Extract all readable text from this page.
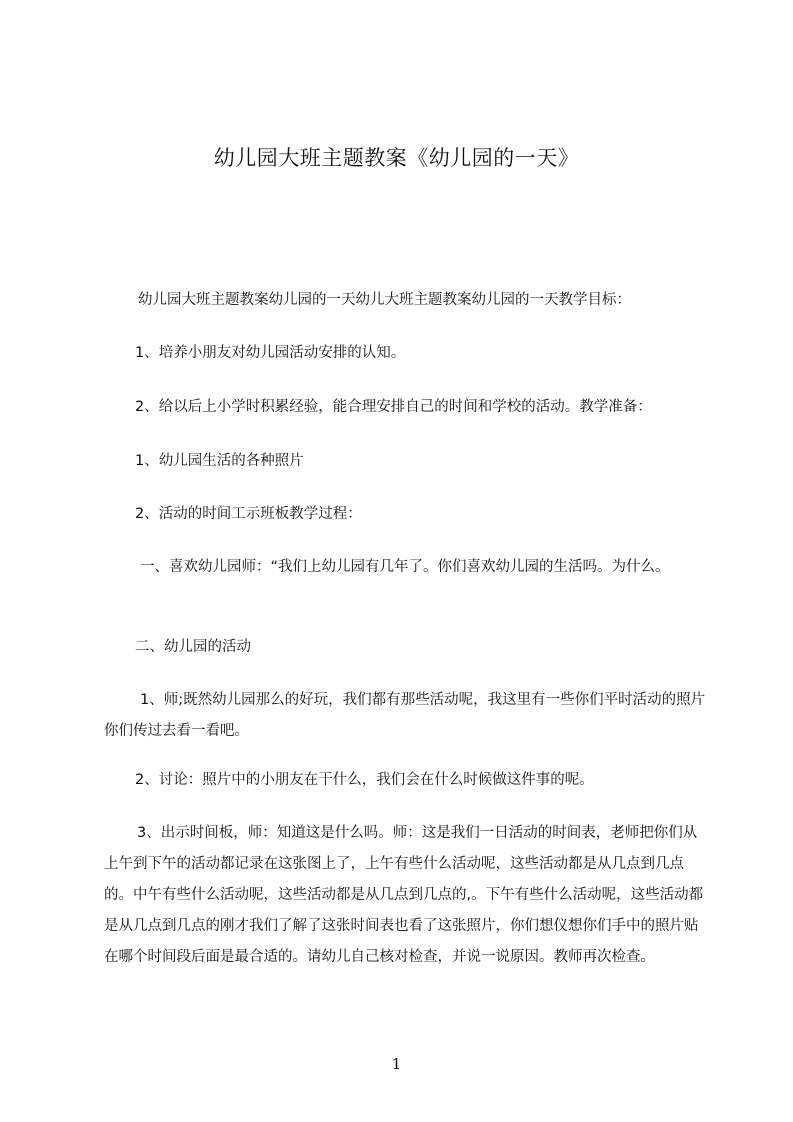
幼儿园大班主题教案《幼儿园的一天》

幼儿园大班主题教案幼儿园的一天幼儿大班主题教案幼儿园的一天教学目标：

1、培养小朋友对幼儿园活动安排的认知。

2、给以后上小学时积累经验，能合理安排自己的时间和学校的活动。教学准备：

1、幼儿园生活的各种照片

2、活动的时间工示班板教学过程：

一、喜欢幼儿园师：“我们上幼儿园有几年了。你们喜欢幼儿园的生活吗。为什么。

二、幼儿园的活动

1、师;既然幼儿园那么的好玩，我们都有那些活动呢，我这里有一些你们平时活动的照片你们传过去看一看吧。

2、讨论：照片中的小朋友在干什么，我们会在什么时候做这件事的呢。

3、出示时间板，师：知道这是什么吗。师：这是我们一日活动的时间表，老师把你们从上午到下午的活动都记录在这张图上了，上午有些什么活动呢，这些活动都是从几点到几点的。中午有些什么活动呢，这些活动都是从几点到几点的,。下午有些什么活动呢，这些活动都是从几点到几点的刚才我们了解了这张时间表也看了这张照片，你们想仪想你们手中的照片贴在哪个时间段后面是最合适的。请幼儿自己核对检查，并说一说原因。教师再次检查。

1
